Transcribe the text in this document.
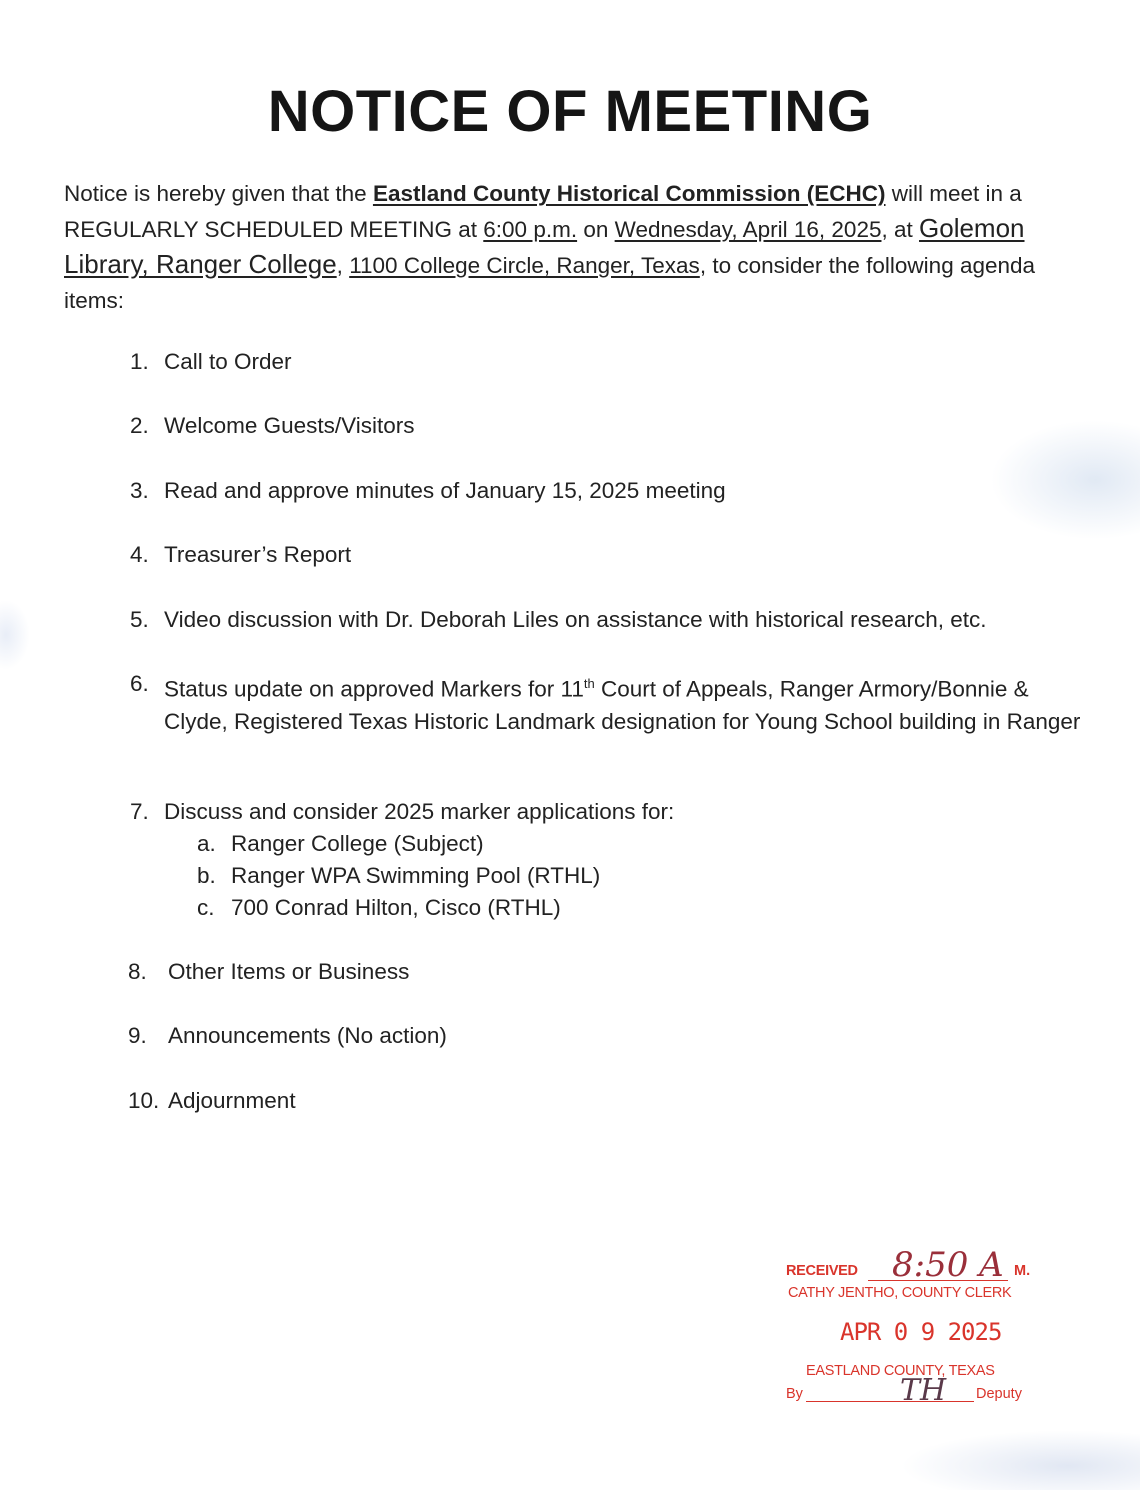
NOTICE OF MEETING
Notice is hereby given that the Eastland County Historical Commission (ECHC) will meet in a REGULARLY SCHEDULED MEETING at 6:00 p.m. on Wednesday, April 16, 2025, at Golemon Library, Ranger College, 1100 College Circle, Ranger, Texas, to consider the following agenda items:
1. Call to Order
2. Welcome Guests/Visitors
3. Read and approve minutes of January 15, 2025 meeting
4. Treasurer’s Report
5. Video discussion with Dr. Deborah Liles on assistance with historical research, etc.
6. Status update on approved Markers for 11th Court of Appeals, Ranger Armory/Bonnie & Clyde, Registered Texas Historic Landmark designation for Young School building in Ranger
7. Discuss and consider 2025 marker applications for:
a. Ranger College (Subject)
b. Ranger WPA Swimming Pool (RTHL)
c. 700 Conrad Hilton, Cisco (RTHL)
8. Other Items or Business
9. Announcements (No action)
10. Adjournment
RECEIVED 8:50 A M.
CATHY JENTHO, COUNTY CLERK
APR 0 9 2025
EASTLAND COUNTY, TEXAS
By	TH Deputy
